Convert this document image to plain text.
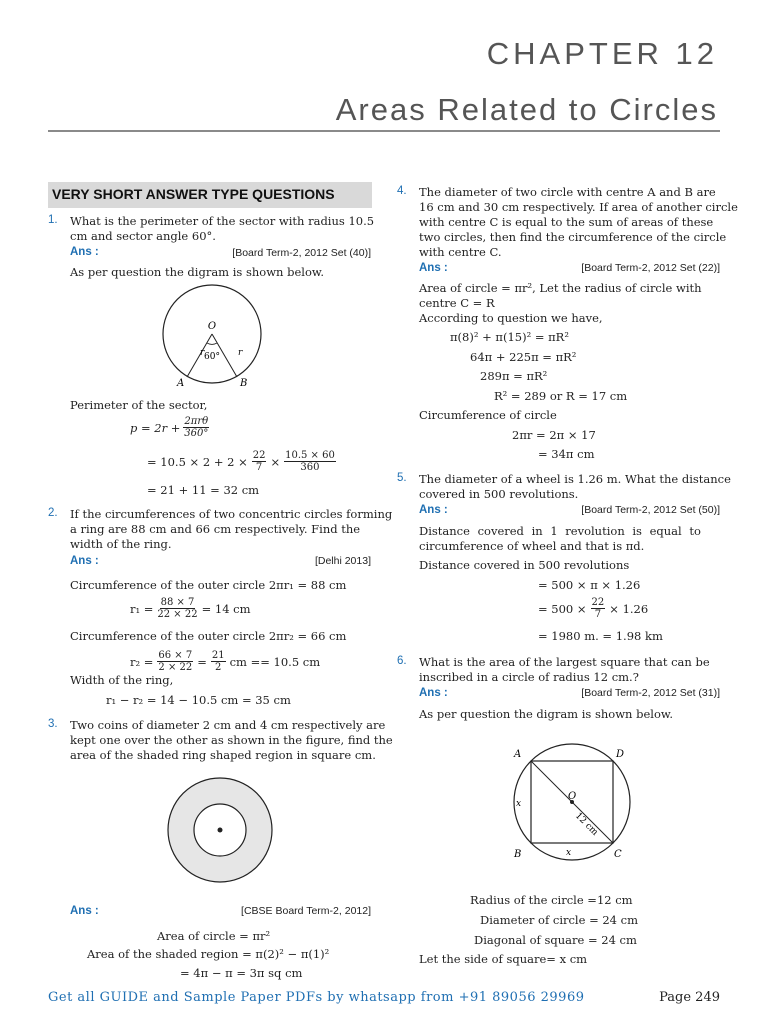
CHAPTER 12
Areas Related to Circles
VERY SHORT ANSWER TYPE QUESTIONS
1. What is the perimeter of the sector with radius 10.5
cm and sector angle 60°.
Ans :	[Board Term-2, 2012 Set (40)]
As per question the digram is shown below.
O
r	r
60°
A	B
Perimeter of the sector,
p = 2r + 2πrθ
360°
= $10.5 \times 2 + 2 \times \frac{22}{7} \times \frac{10.5 \times 60}{360}$
= 21 + 11 = 32 cm
2. If the circumferences of two concentric circles forming
a ring are 88 cm and 66 cm respectively. Find the
width of the ring.
Ans :	[Delhi 2013]
Circumference of the outer circle 2πr₁ = 88 cm
$r_1 = \frac{88 \times 7}{22 \times 22} = 14$ cm
Circumference of the outer circle 2πr₂ = 66 cm
$r_2 = \frac{66 \times 7}{2 \times 22} = \frac{21}{2}$ cm == 10.5 cm
Width of the ring,
r₁ − r₂ = 14 − 10.5 cm = 35 cm
3. Two coins of diameter 2 cm and 4 cm respectively are
kept one over the other as shown in the figure, find the
area of the shaded ring shaped region in square cm.
Ans :	[CBSE Board Term-2, 2012]
Area of circle = πr²
Area of the shaded region = π(2)² − π(1)²
= 4π − π = 3π sq cm
4. The diameter of two circle with centre A and B are
16 cm and 30 cm respectively. If area of another circle
with centre C is equal to the sum of areas of these
two circles, then find the circumference of the circle
with centre C.
Ans :	[Board Term-2, 2012 Set (22)]
Area of circle = πr², Let the radius of circle with
centre C = R
According to question we have,
π(8)² + π(15)² = πR²
64π + 225π = πR²
289π = πR²
R² = 289 or R = 17 cm
Circumference of circle
2πr = 2π × 17
= 34π cm
5. The diameter of a wheel is 1.26 m. What the distance
covered in 500 revolutions.
Ans :	[Board Term-2, 2012 Set (50)]
Distance covered in 1 revolution is equal to
circumference of wheel and that is πd.
Distance covered in 500 revolutions
= 500 × π × 1.26
= $500 \times \frac{22}{7} \times 1.26$
= 1980 m. = 1.98 km
6. What is the area of the largest square that can be
inscribed in a circle of radius 12 cm.?
Ans :	[Board Term-2, 2012 Set (31)]
As per question the digram is shown below.
A	D
B	C
O
x
x
12 cm
Radius of the circle =12 cm
Diameter of circle = 24 cm
Diagonal of square = 24 cm
Let the side of square= x cm
Get all GUIDE and Sample Paper PDFs by whatsapp from +91 89056 29969	Page 249
